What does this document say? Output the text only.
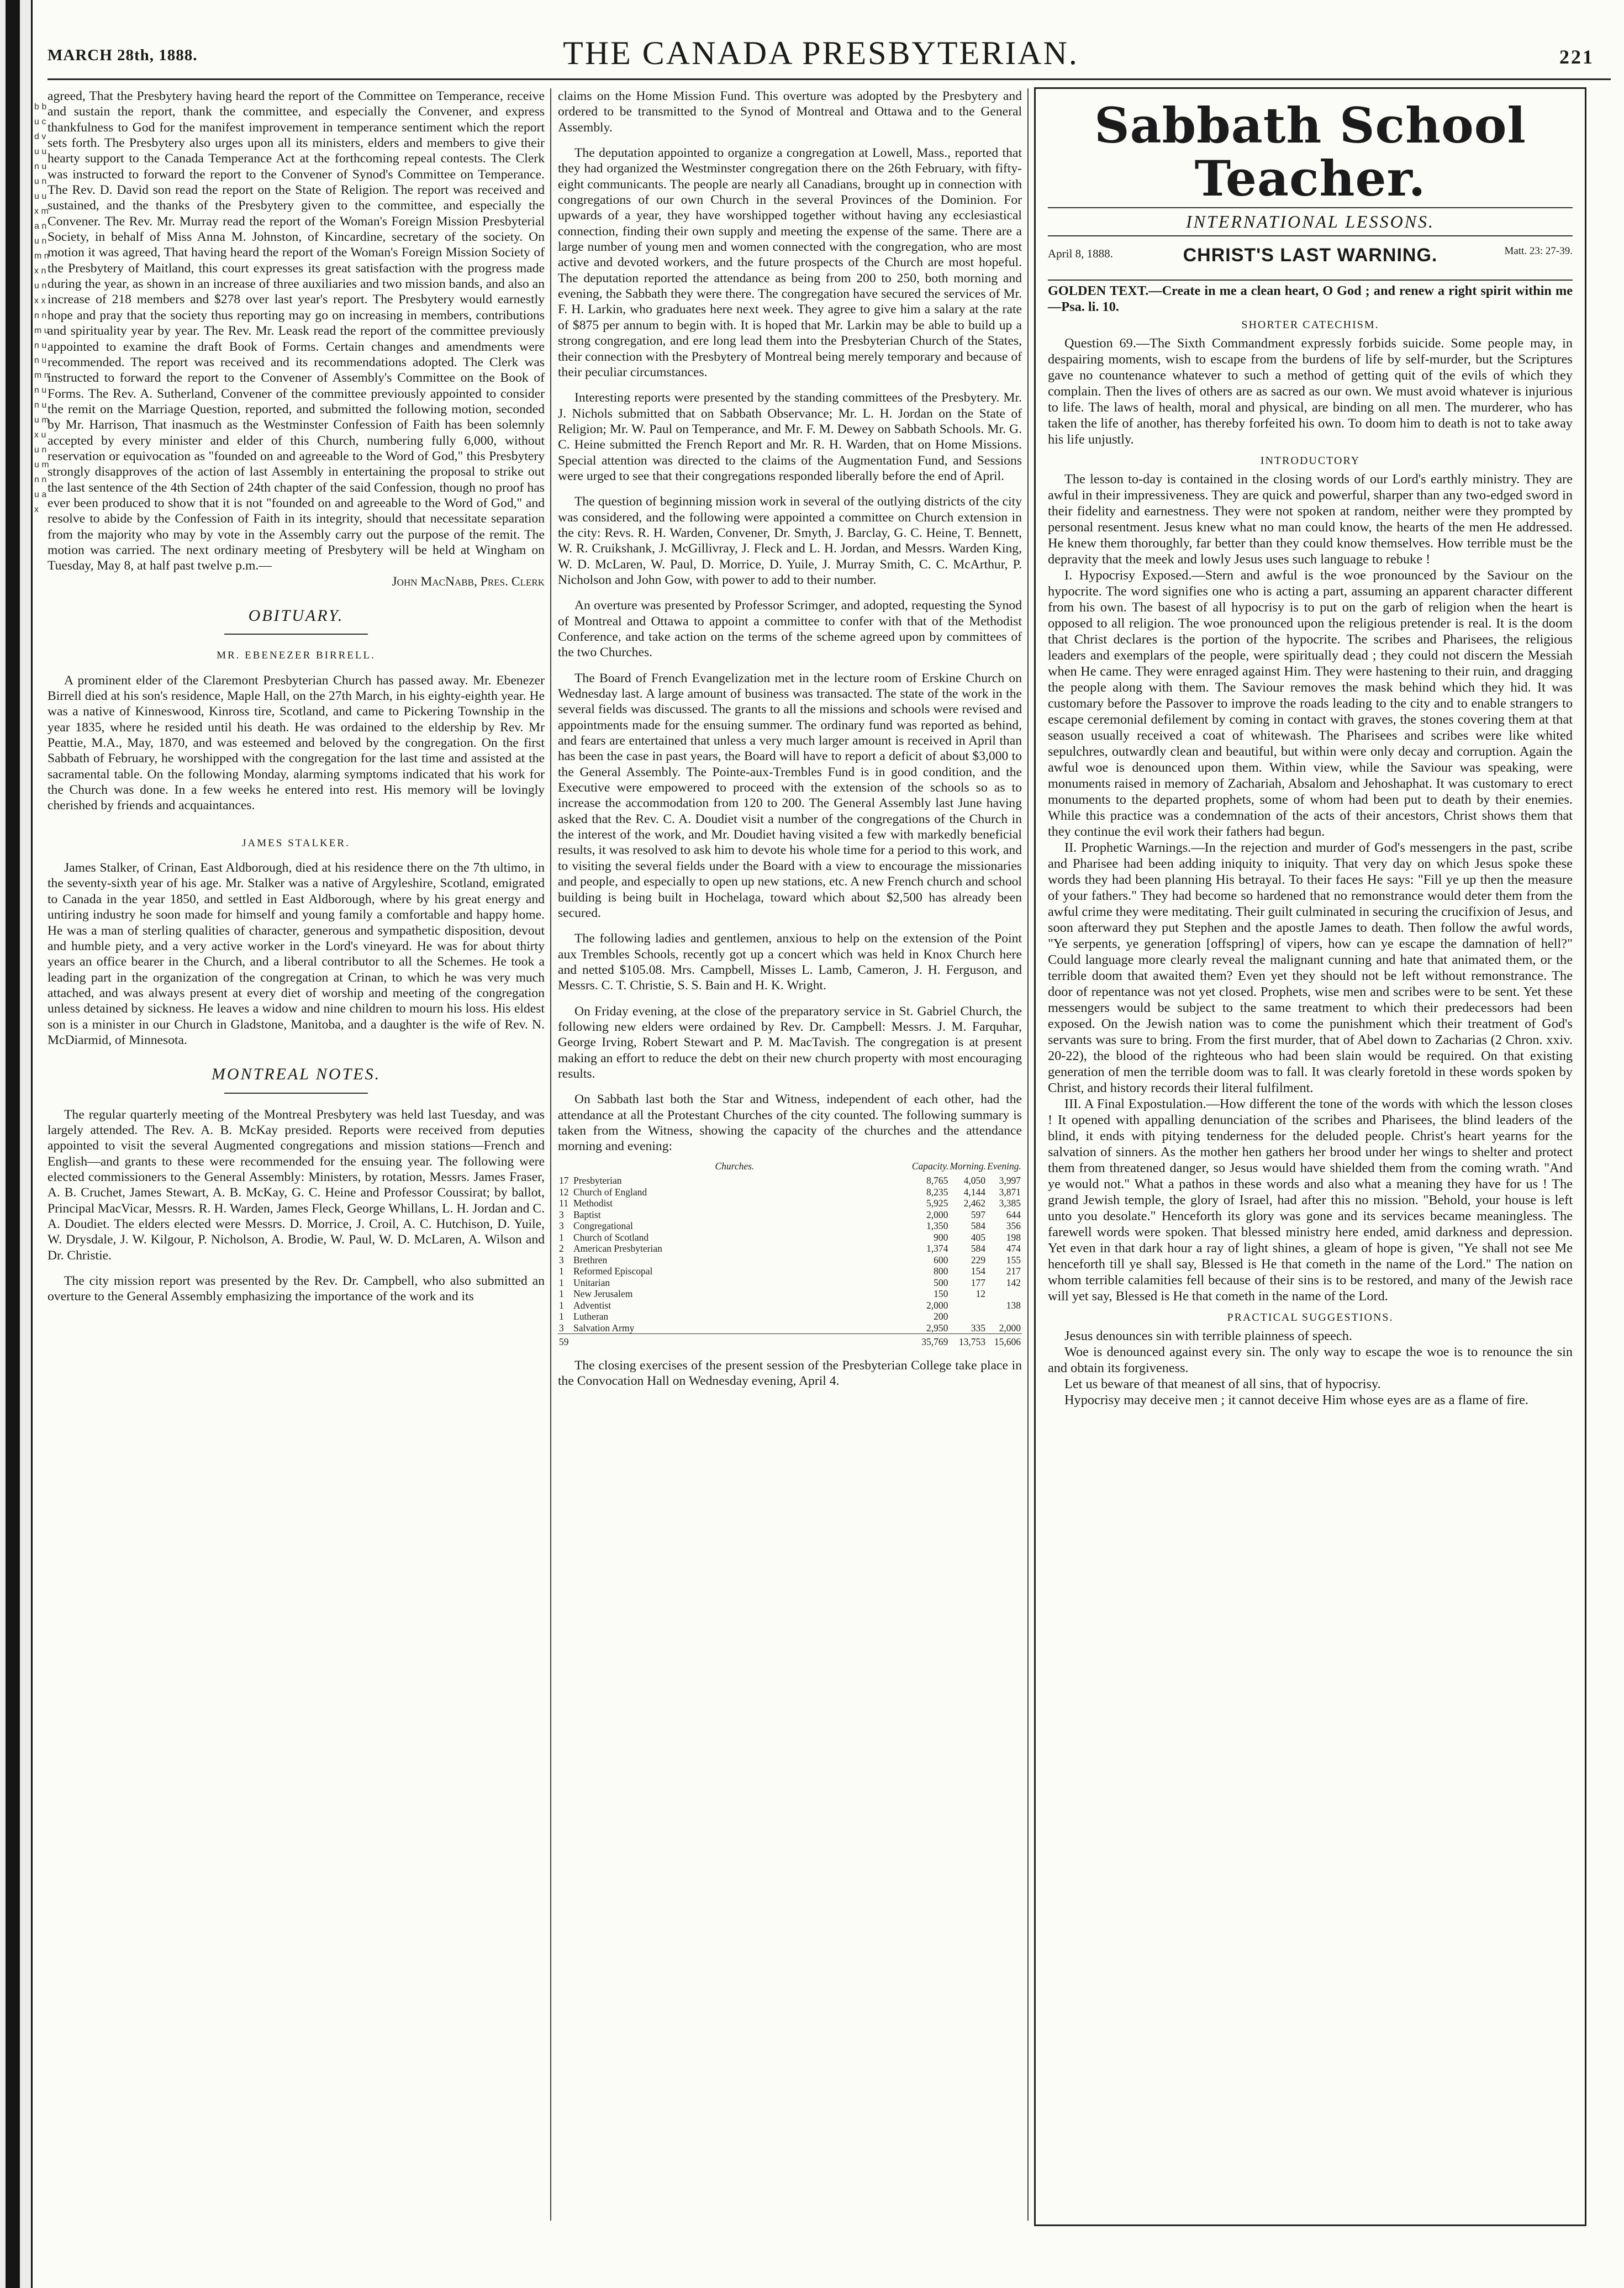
b b u c d v u u n u u n u u x m a n u n m n x n u n x x n n m u n u n u m n n u n u u m x u u n u m n n u a x
THE CANADA PRESBYTERIAN.
MARCH 28th, 1888.	221

agreed, That the Presbytery having heard the report of the Committee on Temperance, receive and sustain the report, thank the committee, and especially the Convener, and express thankfulness to God for the manifest improvement in temperance sentiment which the report sets forth. The Presbytery also urges upon all its ministers, elders and members to give their hearty support to the Canada Temperance Act at the forthcoming repeal contests. The Clerk was instructed to forward the report to the Convener of Synod's Committee on Temperance. The Rev. D. David son read the report on the State of Religion. The report was received and sustained, and the thanks of the Presbytery given to the committee, and especially the Convener. The Rev. Mr. Murray read the report of the Woman's Foreign Mission Presbyterial Society, in behalf of Miss Anna M. Johnston, of Kincardine, secretary of the society. On motion it was agreed, That having heard the report of the Woman's Foreign Mission Society of the Presbytery of Maitland, this court expresses its great satisfaction with the progress made during the year, as shown in an increase of three auxiliaries and two mission bands, and also an increase of 218 members and $278 over last year's report. The Presbytery would earnestly hope and pray that the society thus reporting may go on increasing in members, contributions and spirituality year by year. The Rev. Mr. Leask read the report of the committee previously appointed to examine the draft Book of Forms. Certain changes and amendments were recommended. The report was received and its recommendations adopted. The Clerk was instructed to forward the report to the Convener of Assembly's Committee on the Book of Forms. The Rev. A. Sutherland, Convener of the committee previously appointed to consider the remit on the Marriage Question, reported, and submitted the following motion, seconded by Mr. Harrison, That inasmuch as the Westminster Confession of Faith has been solemnly accepted by every minister and elder of this Church, numbering fully 6,000, without reservation or equivocation as "founded on and agreeable to the Word of God," this Presbytery strongly disapproves of the action of last Assembly in entertaining the proposal to strike out the last sentence of the 4th Section of 24th chapter of the said Confession, though no proof has ever been produced to show that it is not "founded on and agreeable to the Word of God," and resolve to abide by the Confession of Faith in its integrity, should that necessitate separation from the majority who may by vote in the Assembly carry out the purpose of the remit. The motion was carried. The next ordinary meeting of Presbytery will be held at Wingham on Tuesday, May 8, at half past twelve p.m.—

John MacNabb, Pres. Clerk

OBITUARY.
MR. EBENEZER BIRRELL.

A prominent elder of the Claremont Presbyterian Church has passed away. Mr. Ebenezer Birrell died at his son's residence, Maple Hall, on the 27th March, in his eighty-eighth year. He was a native of Kinneswood, Kinross tire, Scotland, and came to Pickering Township in the year 1835, where he resided until his death. He was ordained to the eldership by Rev. Mr Peattie, M.A., May, 1870, and was esteemed and beloved by the congregation. On the first Sabbath of February, he worshipped with the congregation for the last time and assisted at the sacramental table. On the following Monday, alarming symptoms indicated that his work for the Church was done. In a few weeks he entered into rest. His memory will be lovingly cherished by friends and acquaintances.

JAMES STALKER.

James Stalker, of Crinan, East Aldborough, died at his residence there on the 7th ultimo, in the seventy-sixth year of his age. Mr. Stalker was a native of Argyleshire, Scotland, emigrated to Canada in the year 1850, and settled in East Aldborough, where by his great energy and untiring industry he soon made for himself and young family a comfortable and happy home. He was a man of sterling qualities of character, generous and sympathetic disposition, devout and humble piety, and a very active worker in the Lord's vineyard. He was for about thirty years an office bearer in the Church, and a liberal contributor to all the Schemes. He took a leading part in the organization of the congregation at Crinan, to which he was very much attached, and was always present at every diet of worship and meeting of the congregation unless detained by sickness. He leaves a widow and nine children to mourn his loss. His eldest son is a minister in our Church in Gladstone, Manitoba, and a daughter is the wife of Rev. N. McDiarmid, of Minnesota.

MONTREAL NOTES.

The regular quarterly meeting of the Montreal Presbytery was held last Tuesday, and was largely attended. The Rev. A. B. McKay presided. Reports were received from deputies appointed to visit the several Augmented congregations and mission stations—French and English—and grants to these were recommended for the ensuing year. The following were elected commissioners to the General Assembly: Ministers, by rotation, Messrs. James Fraser, A. B. Cruchet, James Stewart, A. B. McKay, G. C. Heine and Professor Coussirat; by ballot, Principal MacVicar, Messrs. R. H. Warden, James Fleck, George Whillans, L. H. Jordan and C. A. Doudiet. The elders elected were Messrs. D. Morrice, J. Croil, A. C. Hutchison, D. Yuile, W. Drysdale, J. W. Kilgour, P. Nicholson, A. Brodie, W. Paul, W. D. McLaren, A. Wilson and Dr. Christie.

The city mission report was presented by the Rev. Dr. Campbell, who also submitted an overture to the General Assembly emphasizing the importance of the work and its

claims on the Home Mission Fund. This overture was adopted by the Presbytery and ordered to be transmitted to the Synod of Montreal and Ottawa and to the General Assembly.

The deputation appointed to organize a congregation at Lowell, Mass., reported that they had organized the Westminster congregation there on the 26th February, with fifty-eight communicants. The people are nearly all Canadians, brought up in connection with congregations of our own Church in the several Provinces of the Dominion. For upwards of a year, they have worshipped together without having any ecclesiastical connection, finding their own supply and meeting the expense of the same. There are a large number of young men and women connected with the congregation, who are most active and devoted workers, and the future prospects of the Church are most hopeful. The deputation reported the attendance as being from 200 to 250, both morning and evening, the Sabbath they were there. The congregation have secured the services of Mr. F. H. Larkin, who graduates here next week. They agree to give him a salary at the rate of $875 per annum to begin with. It is hoped that Mr. Larkin may be able to build up a strong congregation, and ere long lead them into the Presbyterian Church of the States, their connection with the Presbytery of Montreal being merely temporary and because of their peculiar circumstances.

Interesting reports were presented by the standing committees of the Presbytery. Mr. J. Nichols submitted that on Sabbath Observance; Mr. L. H. Jordan on the State of Religion; Mr. W. Paul on Temperance, and Mr. F. M. Dewey on Sabbath Schools. Mr. G. C. Heine submitted the French Report and Mr. R. H. Warden, that on Home Missions. Special attention was directed to the claims of the Augmentation Fund, and Sessions were urged to see that their congregations responded liberally before the end of April.

The question of beginning mission work in several of the outlying districts of the city was considered, and the following were appointed a committee on Church extension in the city: Revs. R. H. Warden, Convener, Dr. Smyth, J. Barclay, G. C. Heine, T. Bennett, W. R. Cruikshank, J. McGillivray, J. Fleck and L. H. Jordan, and Messrs. Warden King, W. D. McLaren, W. Paul, D. Morrice, D. Yuile, J. Murray Smith, C. C. McArthur, P. Nicholson and John Gow, with power to add to their number.

An overture was presented by Professor Scrimger, and adopted, requesting the Synod of Montreal and Ottawa to appoint a committee to confer with that of the Methodist Conference, and take action on the terms of the scheme agreed upon by committees of the two Churches.

The Board of French Evangelization met in the lecture room of Erskine Church on Wednesday last. A large amount of business was transacted. The state of the work in the several fields was discussed. The grants to all the missions and schools were revised and appointments made for the ensuing summer. The ordinary fund was reported as behind, and fears are entertained that unless a very much larger amount is received in April than has been the case in past years, the Board will have to report a deficit of about $3,000 to the General Assembly. The Pointe-aux-Trembles Fund is in good condition, and the Executive were empowered to proceed with the extension of the schools so as to increase the accommodation from 120 to 200. The General Assembly last June having asked that the Rev. C. A. Doudiet visit a number of the congregations of the Church in the interest of the work, and Mr. Doudiet having visited a few with markedly beneficial results, it was resolved to ask him to devote his whole time for a period to this work, and to visiting the several fields under the Board with a view to encourage the missionaries and people, and especially to open up new stations, etc. A new French church and school building is being built in Hochelaga, toward which about $2,500 has already been secured.

The following ladies and gentlemen, anxious to help on the extension of the Point aux Trembles Schools, recently got up a concert which was held in Knox Church here and netted $105.08. Mrs. Campbell, Misses L. Lamb, Cameron, J. H. Ferguson, and Messrs. C. T. Christie, S. S. Bain and H. K. Wright.

On Friday evening, at the close of the preparatory service in St. Gabriel Church, the following new elders were ordained by Rev. Dr. Campbell: Messrs. J. M. Farquhar, George Irving, Robert Stewart and P. M. MacTavish. The congregation is at present making an effort to reduce the debt on their new church property with most encouraging results.

On Sabbath last both the Star and Witness, independent of each other, had the attendance at all the Protestant Churches of the city counted. The following summary is taken from the Witness, showing the capacity of the churches and the attendance morning and evening:

Churches.		Capacity.	Morning.	Evening.
17	Presbyterian	8,765	4,050	3,997
12	Church of England	8,235	4,144	3,871
11	Methodist	5,925	2,462	3,385
3	Baptist	2,000	597	644
3	Congregational	1,350	584	356
1	Church of Scotland	900	405	198
2	American Presbyterian	1,374	584	474
3	Brethren	600	229	155
1	Reformed Episcopal	800	154	217
1	Unitarian	500	177	142
1	New Jerusalem	150	12	
1	Adventist	2,000		138
1	Lutheran	200		
3	Salvation Army	2,950	335	2,000
59		35,769	13,753	15,606

The closing exercises of the present session of the Presbyterian College take place in the Convocation Hall on Wednesday evening, April 4.

Sabbath School Teacher.
INTERNATIONAL LESSONS.
April 8, 1888.	CHRIST'S LAST WARNING.	Matt. 23: 27-39.

GOLDEN TEXT.—Create in me a clean heart, O God ; and renew a right spirit within me —Psa. li. 10.

SHORTER CATECHISM.

Question 69.—The Sixth Commandment expressly forbids suicide. Some people may, in despairing moments, wish to escape from the burdens of life by self-murder, but the Scriptures gave no countenance whatever to such a method of getting quit of the evils of which they complain. Then the lives of others are as sacred as our own. We must avoid whatever is injurious to life. The laws of health, moral and physical, are binding on all men. The murderer, who has taken the life of another, has thereby forfeited his own. To doom him to death is not to take away his life unjustly.

INTRODUCTORY

The lesson to-day is contained in the closing words of our Lord's earthly ministry. They are awful in their impressiveness. They are quick and powerful, sharper than any two-edged sword in their fidelity and earnestness. They were not spoken at random, neither were they prompted by personal resentment. Jesus knew what no man could know, the hearts of the men He addressed. He knew them thoroughly, far better than they could know themselves. How terrible must be the depravity that the meek and lowly Jesus uses such language to rebuke !

I. Hypocrisy Exposed.—Stern and awful is the woe pronounced by the Saviour on the hypocrite. The word signifies one who is acting a part, assuming an apparent character different from his own. The basest of all hypocrisy is to put on the garb of religion when the heart is opposed to all religion. The woe pronounced upon the religious pretender is real. It is the doom that Christ declares is the portion of the hypocrite. The scribes and Pharisees, the religious leaders and exemplars of the people, were spiritually dead ; they could not discern the Messiah when He came. They were enraged against Him. They were hastening to their ruin, and dragging the people along with them. The Saviour removes the mask behind which they hid. It was customary before the Passover to improve the roads leading to the city and to enable strangers to escape ceremonial defilement by coming in contact with graves, the stones covering them at that season usually received a coat of whitewash. The Pharisees and scribes were like whited sepulchres, outwardly clean and beautiful, but within were only decay and corruption. Again the awful woe is denounced upon them. Within view, while the Saviour was speaking, were monuments raised in memory of Zachariah, Absalom and Jehoshaphat. It was customary to erect monuments to the departed prophets, some of whom had been put to death by their enemies. While this practice was a condemnation of the acts of their ancestors, Christ shows them that they continue the evil work their fathers had begun.

II. Prophetic Warnings.—In the rejection and murder of God's messengers in the past, scribe and Pharisee had been adding iniquity to iniquity. That very day on which Jesus spoke these words they had been planning His betrayal. To their faces He says: "Fill ye up then the measure of your fathers." They had become so hardened that no remonstrance would deter them from the awful crime they were meditating. Their guilt culminated in securing the crucifixion of Jesus, and soon afterward they put Stephen and the apostle James to death. Then follow the awful words, "Ye serpents, ye generation [offspring] of vipers, how can ye escape the damnation of hell?" Could language more clearly reveal the malignant cunning and hate that animated them, or the terrible doom that awaited them? Even yet they should not be left without remonstrance. The door of repentance was not yet closed. Prophets, wise men and scribes were to be sent. Yet these messengers would be subject to the same treatment to which their predecessors had been exposed. On the Jewish nation was to come the punishment which their treatment of God's servants was sure to bring. From the first murder, that of Abel down to Zacharias (2 Chron. xxiv. 20-22), the blood of the righteous who had been slain would be required. On that existing generation of men the terrible doom was to fall. It was clearly foretold in these words spoken by Christ, and history records their literal fulfilment.

III. A Final Expostulation.—How different the tone of the words with which the lesson closes ! It opened with appalling denunciation of the scribes and Pharisees, the blind leaders of the blind, it ends with pitying tenderness for the deluded people. Christ's heart yearns for the salvation of sinners. As the mother hen gathers her brood under her wings to shelter and protect them from threatened danger, so Jesus would have shielded them from the coming wrath. "And ye would not." What a pathos in these words and also what a meaning they have for us ! The grand Jewish temple, the glory of Israel, had after this no mission. "Behold, your house is left unto you desolate." Henceforth its glory was gone and its services became meaningless. The farewell words were spoken. That blessed ministry here ended, amid darkness and depression. Yet even in that dark hour a ray of light shines, a gleam of hope is given, "Ye shall not see Me henceforth till ye shall say, Blessed is He that cometh in the name of the Lord." The nation on whom terrible calamities fell because of their sins is to be restored, and many of the Jewish race will yet say, Blessed is He that cometh in the name of the Lord.

PRACTICAL SUGGESTIONS.

Jesus denounces sin with terrible plainness of speech.

Woe is denounced against every sin. The only way to escape the woe is to renounce the sin and obtain its forgiveness.

Let us beware of that meanest of all sins, that of hypocrisy.

Hypocrisy may deceive men ; it cannot deceive Him whose eyes are as a flame of fire.
